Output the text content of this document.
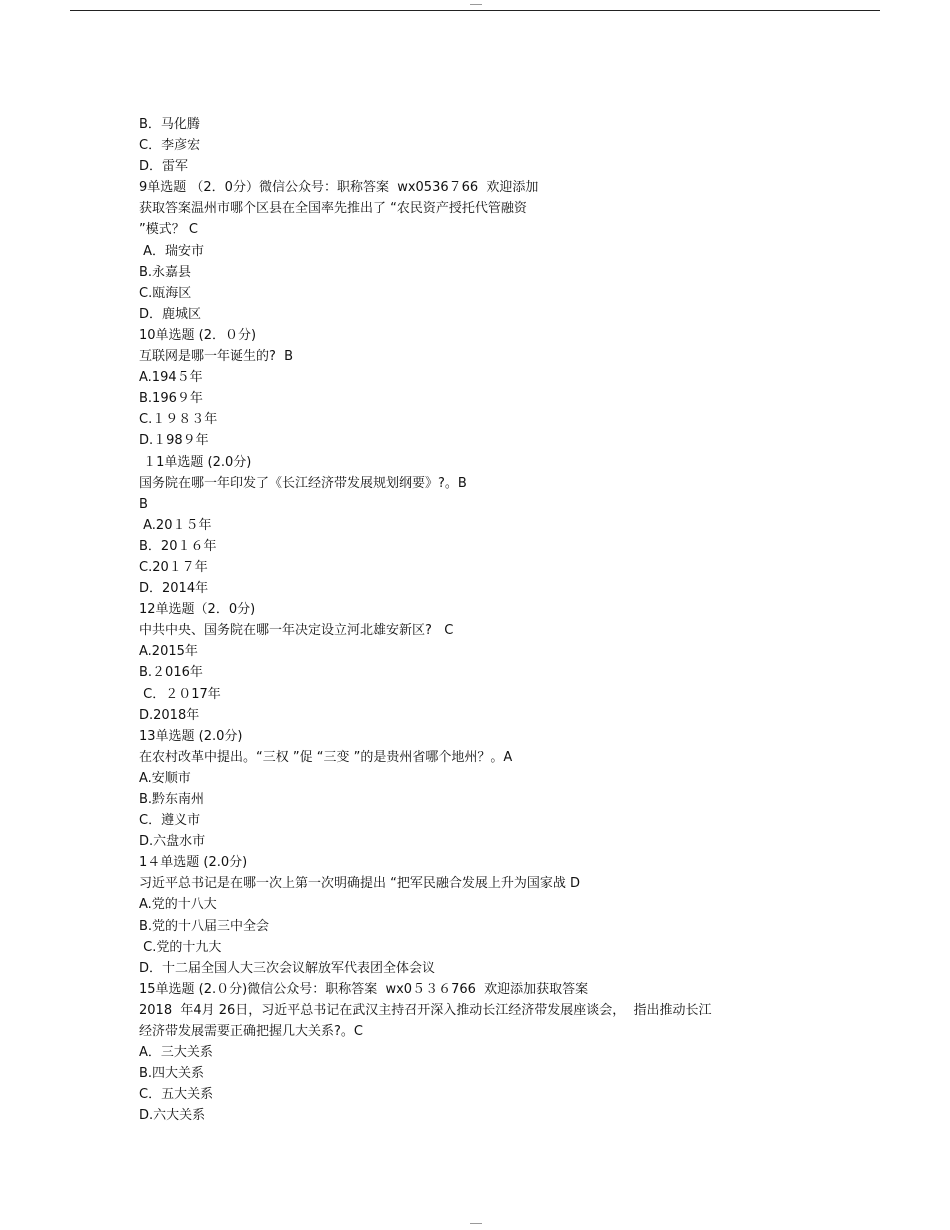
B．马化腾
C．李彦宏
D．雷军
9单选题 （2．0分）微信公众号：职称答案  wx0536７66  欢迎添加
获取答案温州市哪个区县在全国率先推出了 “农民资产授托代管融资
”模式？ C
A．瑞安市
B.永嘉县
C.瓯海区
D．鹿城区
10单选题 (2．０分)
互联网是哪一年诞生的?  B
A.194５年
B.196９年
C.１９８３年
D.１98９年
１1单选题 (2.0分)
国务院在哪一年印发了《长江经济带发展规划纲要》?。B
B
A.20１５年
B．20１６年
C.20１７年
D．2014年
12单选题（2．0分)
中共中央、国务院在哪一年决定设立河北雄安新区?   C
A.2015年
B.２016年
C．２０17年
D.2018年
13单选题 (2.0分)
在农村改革中提出。“三权 ”促 “三变 ”的是贵州省哪个地州？。A
A.安顺市
B.黔东南州
C．遵义市
D.六盘水市
1４单选题 (2.0分)
习近平总书记是在哪一次上第一次明确提出 “把军民融合发展上升为国家战 D
A.党的十八大
B.党的十八届三中全会
C.党的十九大
D．十二届全国人大三次会议解放军代表团全体会议
15单选题 (2.０分)微信公众号：职称答案  wx0５３６766  欢迎添加获取答案
2018  年4月 26日，习近平总书记在武汉主持召开深入推动长江经济带发展座谈会，  指出推动长江
经济带发展需要正确把握几大关系?。C
A．三大关系
B.四大关系
C．五大关系
D.六大关系
